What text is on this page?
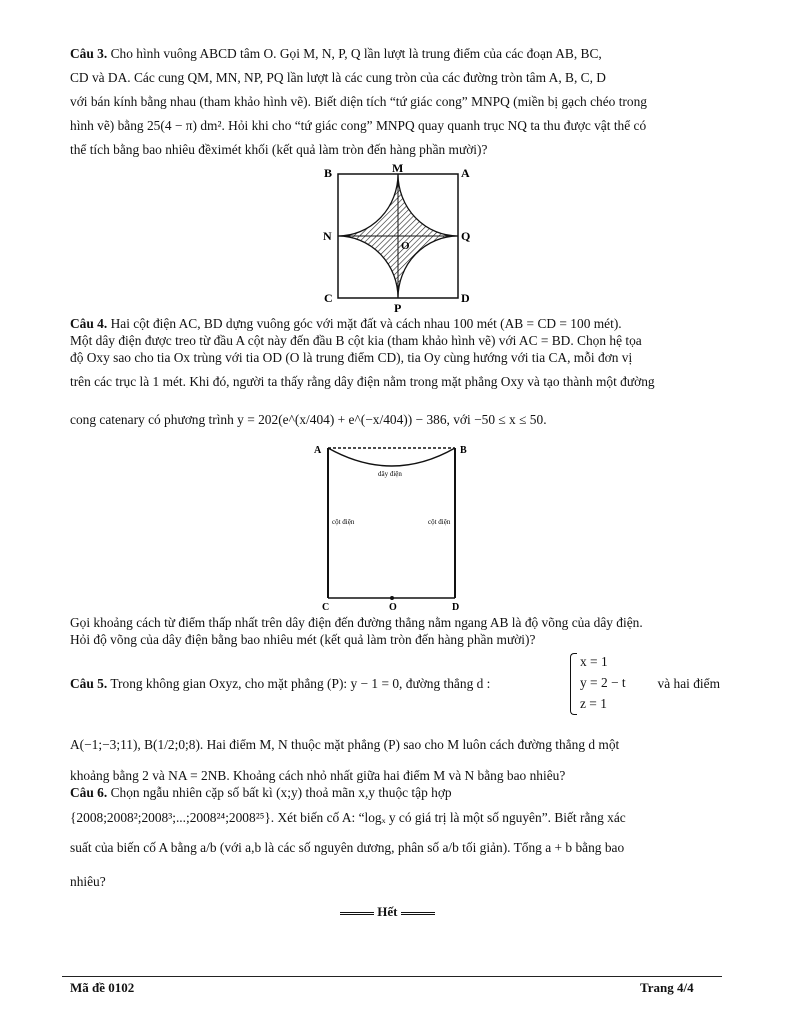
Câu 3. Cho hình vuông ABCD tâm O. Gọi M, N, P, Q lần lượt là trung điểm của các đoạn AB, BC,
CD và DA. Các cung QM, MN, NP, PQ lần lượt là các cung tròn của các đường tròn tâm A, B, C, D
với bán kính bằng nhau (tham khảo hình vẽ). Biết diện tích “tứ giác cong” MNPQ (miền bị gạch chéo trong
hình vẽ) bằng 25(4 − π) dm². Hỏi khi cho “tứ giác cong” MNPQ quay quanh trục NQ ta thu được vật thể có
thể tích bằng bao nhiêu đềximét khối (kết quả làm tròn đến hàng phần mười)?
B	M	A
N
O
Q
C
P
D
Câu 4. Hai cột điện AC, BD dựng vuông góc với mặt đất và cách nhau 100 mét (AB = CD = 100 mét).
Một dây điện được treo từ đầu A cột này đến đầu B cột kia (tham khảo hình vẽ) với AC = BD. Chọn hệ tọa
độ Oxy sao cho tia Ox trùng với tia OD (O là trung điểm CD), tia Oy cùng hướng với tia CA, mỗi đơn vị
trên các trục là 1 mét. Khi đó, người ta thấy rằng dây điện nằm trong mặt phẳng Oxy và tạo thành một đường
cong catenary có phương trình y = 202(e^(x/404) + e^(−x/404)) − 386, với −50 ≤ x ≤ 50.
A	B
dây điện
cột điện	cột điện
C	O	D
Gọi khoảng cách từ điểm thấp nhất trên dây điện đến đường thẳng nằm ngang AB là độ võng của dây điện.
Hỏi độ võng của dây điện bằng bao nhiêu mét (kết quả làm tròn đến hàng phần mười)?
Câu 5. Trong không gian Oxyz, cho mặt phẳng (P): y − 1 = 0, đường thẳng d :
x = 1
y = 2 − t
z = 1
và hai điểm
A(−1;−3;11), B(1/2;0;8). Hai điểm M, N thuộc mặt phẳng (P) sao cho M luôn cách đường thẳng d một
khoảng bằng 2 và NA = 2NB. Khoảng cách nhỏ nhất giữa hai điểm M và N bằng bao nhiêu?
Câu 6. Chọn ngẫu nhiên cặp số bất kì (x;y) thoả mãn x,y thuộc tập hợp
{2008;2008²;2008³;...;2008²⁴;2008²⁵}. Xét biến cố A: “logₓ y có giá trị là một số nguyên”. Biết rằng xác
suất của biến cố A bằng a/b (với a,b là các số nguyên dương, phân số a/b tối giản). Tổng a + b bằng bao
nhiêu?
Hết
Mã đề 0102	Trang 4/4
